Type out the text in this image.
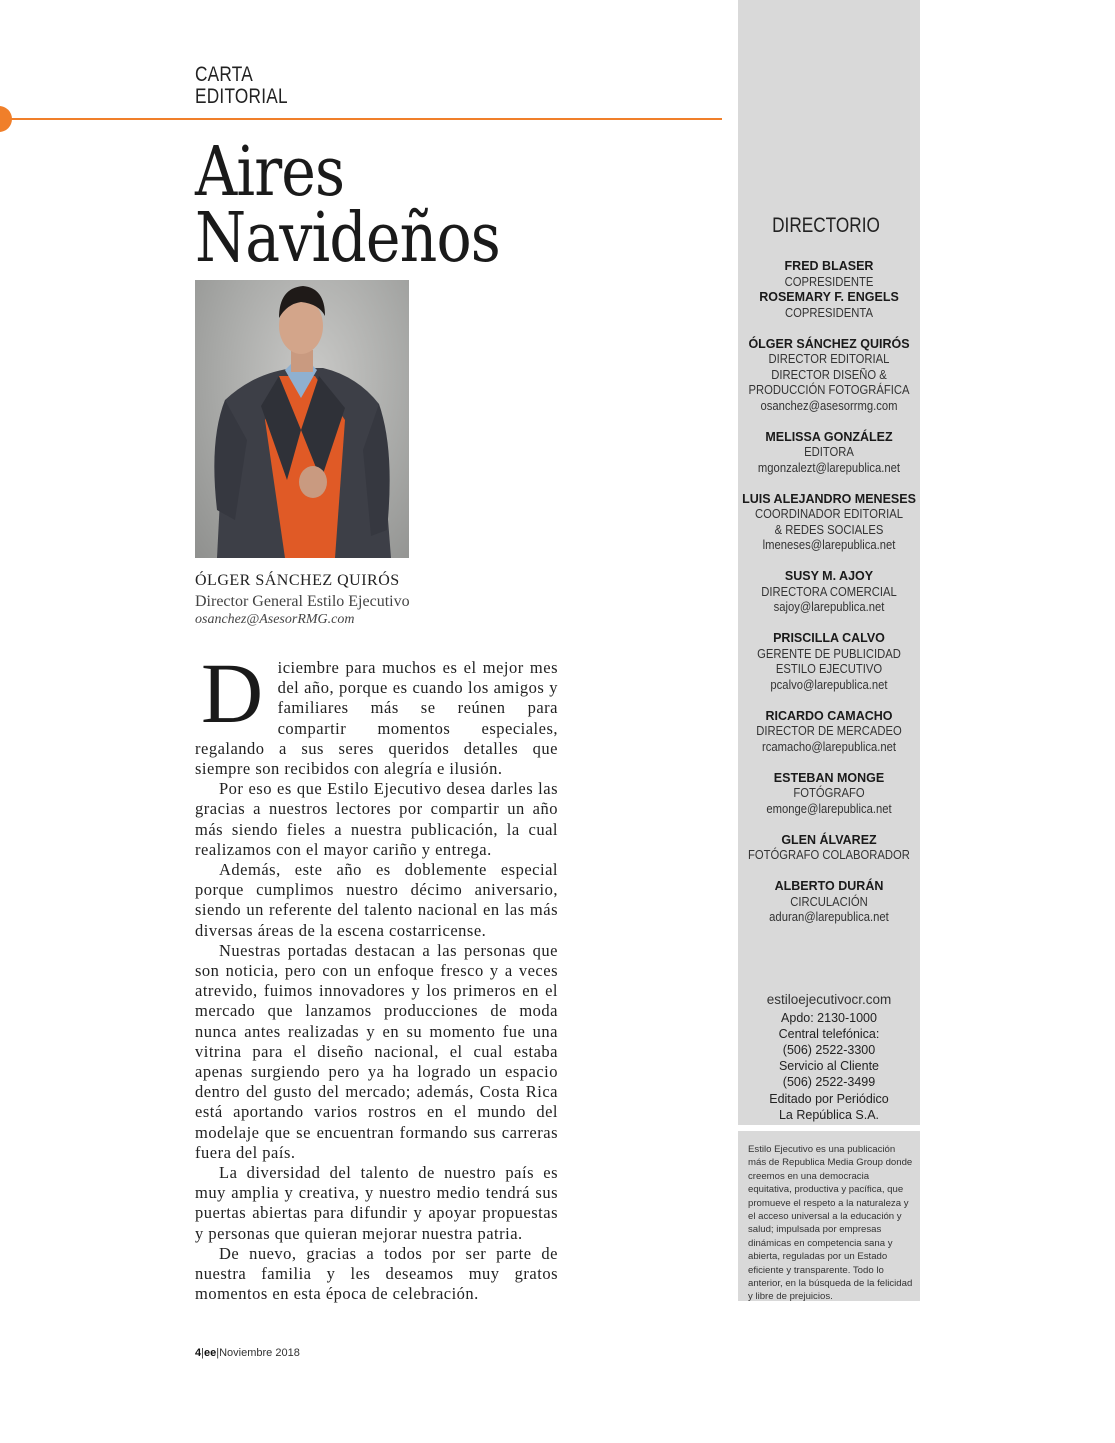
CARTA
EDITORIAL
Aires
Navideños
ÓLGER SÁNCHEZ QUIRÓS
Director General Estilo Ejecutivo
osanchez@AsesorRMG.com

Diciembre para muchos es el mejor mes del año, porque es cuando los amigos y familiares más se reúnen para compartir momentos especiales, regalando a sus seres queridos detalles que siempre son recibidos con alegría e ilusión.

Por eso es que Estilo Ejecutivo desea darles las gracias a nuestros lectores por compartir un año más siendo fieles a nuestra publicación, la cual realizamos con el mayor cariño y entrega.

Además, este año es doblemente especial porque cumplimos nuestro décimo aniversario, siendo un referente del talento nacional en las más diversas áreas de la escena costarricense.

Nuestras portadas destacan a las personas que son noticia, pero con un enfoque fresco y a veces atrevido, fuimos innovadores y los primeros en el mercado que lanzamos producciones de moda nunca antes realizadas y en su momento fue una vitrina para el diseño nacional, el cual estaba apenas surgiendo pero ya ha logrado un espacio dentro del gusto del mercado; además, Costa Rica está aportando varios rostros en el mundo del modelaje que se encuentran formando sus carreras fuera del país.

La diversidad del talento de nuestro país es muy amplia y creativa, y nuestro medio tendrá sus puertas abiertas para difundir y apoyar propuestas y personas que quieran mejorar nuestra patria.

De nuevo, gracias a todos por ser parte de nuestra familia y les deseamos muy gratos momentos en esta época de celebración.

DIRECTORIO
FRED BLASER
COPRESIDENTE
ROSEMARY F. ENGELS
COPRESIDENTA
ÓLGER SÁNCHEZ QUIRÓS
DIRECTOR EDITORIAL
DIRECTOR DISEÑO &
PRODUCCIÓN FOTOGRÁFICA
osanchez@asesorrmg.com
MELISSA GONZÁLEZ
EDITORA
mgonzalezt@larepublica.net
LUIS ALEJANDRO MENESES
COORDINADOR EDITORIAL
& REDES SOCIALES
lmeneses@larepublica.net
SUSY M. AJOY
DIRECTORA COMERCIAL
sajoy@larepublica.net
PRISCILLA CALVO
GERENTE DE PUBLICIDAD
ESTILO EJECUTIVO
pcalvo@larepublica.net
RICARDO CAMACHO
DIRECTOR DE MERCADEO
rcamacho@larepublica.net
ESTEBAN MONGE
FOTÓGRAFO
emonge@larepublica.net
GLEN ÁLVAREZ
FOTÓGRAFO COLABORADOR
ALBERTO DURÁN
CIRCULACIÓN
aduran@larepublica.net
estiloejecutivocr.com
Apdo: 2130-1000
Central telefónica:
(506) 2522-3300
Servicio al Cliente
(506) 2522-3499
Editado por Periódico
La República S.A.
Estilo Ejecutivo es una publicación más de Republica Media Group donde creemos en una democracia equitativa, productiva y pacífica, que promueve el respeto a la naturaleza y el acceso universal a la educación y salud; impulsada por empresas dinámicas en competencia sana y abierta, reguladas por un Estado eficiente y transparente. Todo lo anterior, en la búsqueda de la felicidad y libre de prejuicios.
4|ee|Noviembre 2018
